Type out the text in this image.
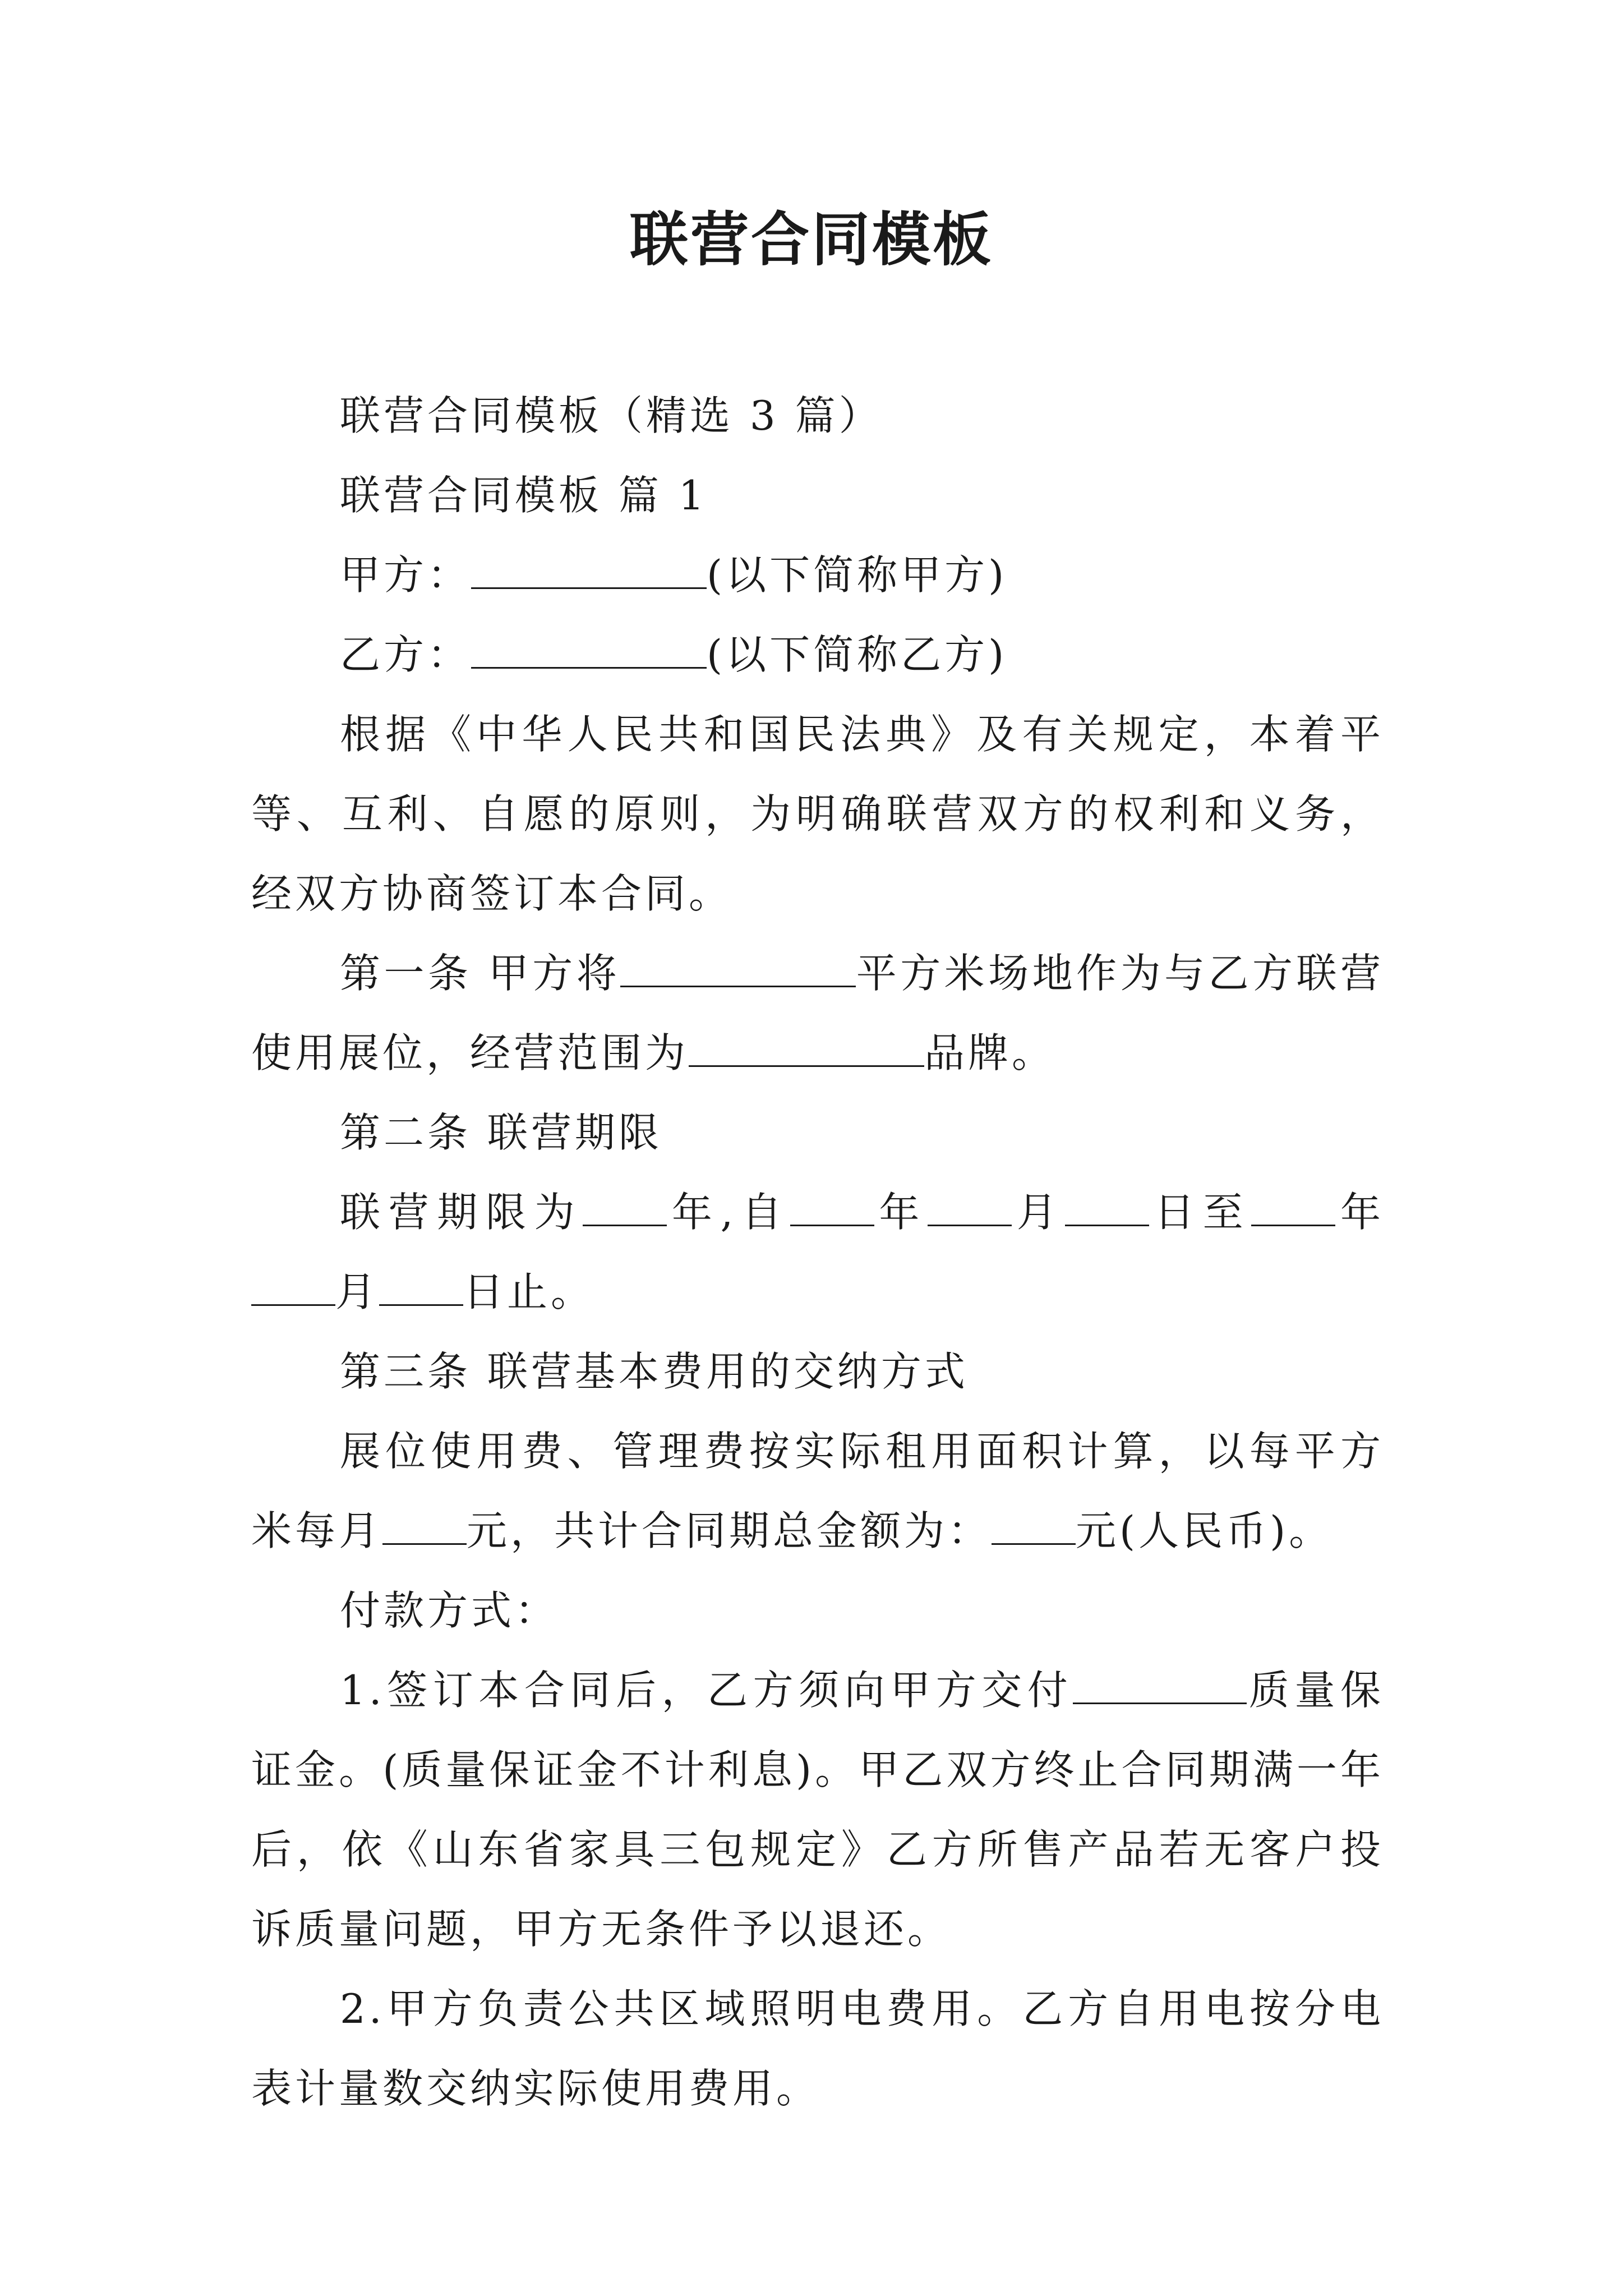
联营合同模板

联营合同模板（精选 3 篇）

联营合同模板 篇 1

甲方：	(以下简称甲方)

乙方：	(以下简称乙方)

根据《中华人民共和国民法典》及有关规定，本着平等、互利、自愿的原则，为明确联营双方的权利和义务，经双方协商签订本合同。

第一条 甲方将	平方米场地作为与乙方联营使用展位，经营范围为	品牌。

第二条 联营期限

联营期限为 年,自 年 月 日至 年月 日止。

第三条 联营基本费用的交纳方式

展位使用费、管理费按实际租用面积计算，以每平方米每月 元，共计合同期总金额为： 元(人民币)。

付款方式：

1.签订本合同后，乙方须向甲方交付	质量保证金。(质量保证金不计利息)。甲乙双方终止合同期满一年后，依《山东省家具三包规定》乙方所售产品若无客户投诉质量问题，甲方无条件予以退还。

2.甲方负责公共区域照明电费用。乙方自用电按分电表计量数交纳实际使用费用。
